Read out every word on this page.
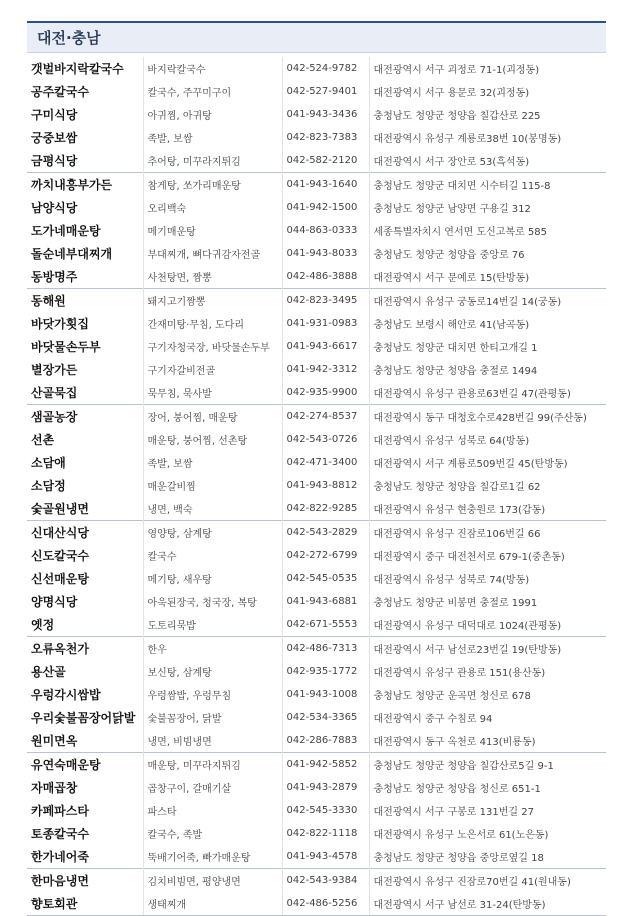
대전·충남
갯벌바지락칼국수	바지락칼국수	042-524-9782	대전광역시 서구 괴정로 71-1(괴정동)
공주칼국수	칼국수, 주꾸미구이	042-527-9401	대전광역시 서구 용문로 32(괴정동)
구미식당	아귀찜, 아귀탕	041-943-3436	충청남도 청양군 청양읍 칠갑산로 225
궁중보쌈	족발, 보쌈	042-823-7383	대전광역시 유성구 계룡로38번 10(봉명동)
금평식당	추어탕, 미꾸라지튀김	042-582-2120	대전광역시 서구 장안로 53(흑석동)
까치내흥부가든	참게탕, 쏘가리매운탕	041-943-1640	충청남도 청양군 대치면 시수터길 115-8
남양식당	오리백숙	041-942-1500	충청남도 청양군 남양면 구용길 312
도가네매운탕	메기매운탕	044-863-0333	세종특별자치시 연서면 도신고복로 585
돌순네부대찌개	부대찌개, 뼈다귀감자전골	041-943-8033	충청남도 청양군 청양읍 중앙로 76
동방명주	사천탕면, 짬뽕	042-486-3888	대전광역시 서구 문예로 15(탄방동)
동해원	돼지고기짬뽕	042-823-3495	대전광역시 유성구 궁동로14번길 14(궁동)
바닷가횟집	간재미탕·무침, 도다리	041-931-0983	충청남도 보령시 해안로 41(남곡동)
바닷물손두부	구기자청국장, 바닷물손두부	041-943-6617	충청남도 청양군 대치면 한티고개길 1
별장가든	구기자갈비전골	041-942-3312	충청남도 청양군 청양읍 충절로 1494
산골묵집	묵무침, 묵사발	042-935-9900	대전광역시 유성구 관용로63번길 47(관평동)
샘골농장	장어, 붕어찜, 매운탕	042-274-8537	대전광역시 동구 대청호수로428번길 99(주산동)
선촌	매운탕, 붕어찜, 선촌탕	042-543-0726	대전광역시 유성구 성북로 64(방동)
소담애	족발, 보쌈	042-471-3400	대전광역시 서구 계룡로509번길 45(탄방동)
소담정	매운갈비찜	041-943-8812	충청남도 청양군 청양읍 칠갑로1길 62
숯골원냉면	냉면, 백숙	042-822-9285	대전광역시 유성구 현충원로 173(갑동)
신대산식당	영양탕, 삼계탕	042-543-2829	대전광역시 유성구 진잠로106번길 66
신도칼국수	칼국수	042-272-6799	대전광역시 중구 대전천서로 679-1(중촌동)
신선매운탕	메기탕, 새우탕	042-545-0535	대전광역시 유성구 성북로 74(방동)
양명식당	아욱된장국, 청국장, 복탕	041-943-6881	충청남도 청양군 비봉면 충절로 1991
옛정	도토리묵밥	042-671-5553	대전광역시 유성구 대덕대로 1024(관평동)
오류옥천가	한우	042-486-7313	대전광역시 서구 남선로23번길 19(탄방동)
용산골	보신탕, 삼계탕	042-935-1772	대전광역시 유성구 관용로 151(용산동)
우렁각시쌈밥	우렁쌈밥, 우렁무침	041-943-1008	충청남도 청양군 운곡면 청신로 678
우리숯불꼼장어닭발	숯불꼼장어, 닭발	042-534-3365	대전광역시 중구 수침로 94
원미면옥	냉면, 비빔냉면	042-286-7883	대전광역시 동구 옥천로 413(비룡동)
유연숙매운탕	매운탕, 미꾸라지튀김	041-942-5852	충청남도 청양군 청양읍 칠갑산로5길 9-1
자매곱창	곱창구이, 갈매기살	041-943-2879	충청남도 청양군 청양읍 청신로 651-1
카페파스타	파스타	042-545-3330	대전광역시 서구 구봉로 131번길 27
토종칼국수	칼국수, 족발	042-822-1118	대전광역시 유성구 노은서로 61(노은동)
한가네어죽	뚝배기어죽, 빠가매운탕	041-943-4578	충청남도 청양군 청양읍 중앙로옆길 18
한마음냉면	김치비빔면, 평양냉면	042-543-9384	대전광역시 유성구 진잠로70번길 41(원내동)
향토회관	생태찌개	042-486-5256	대전광역시 서구 남선로 31-24(탄방동)
